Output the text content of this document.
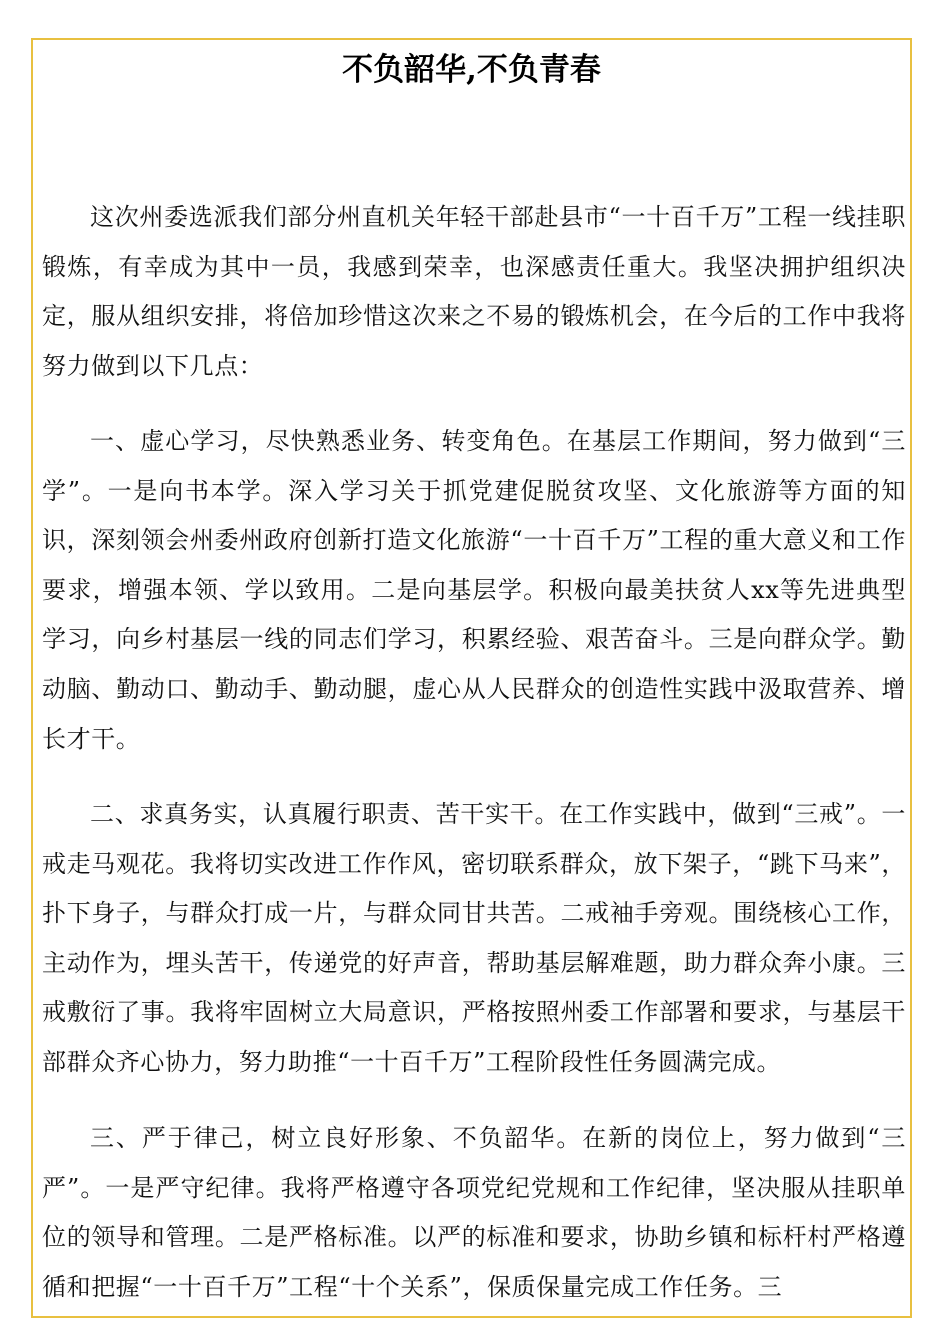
不负韶华,不负青春

这次州委选派我们部分州直机关年轻干部赴县市“一十百千万”工程一线挂职锻炼，有幸成为其中一员，我感到荣幸，也深感责任重大。我坚决拥护组织决定，服从组织安排，将倍加珍惜这次来之不易的锻炼机会，在今后的工作中我将努力做到以下几点：

一、虚心学习，尽快熟悉业务、转变角色。在基层工作期间，努力做到“三学”。一是向书本学。深入学习关于抓党建促脱贫攻坚、文化旅游等方面的知识，深刻领会州委州政府创新打造文化旅游“一十百千万”工程的重大意义和工作要求，增强本领、学以致用。二是向基层学。积极向最美扶贫人xx等先进典型学习，向乡村基层一线的同志们学习，积累经验、艰苦奋斗。三是向群众学。勤动脑、勤动口、勤动手、勤动腿，虚心从人民群众的创造性实践中汲取营养、增长才干。

二、求真务实，认真履行职责、苦干实干。在工作实践中，做到“三戒”。一戒走马观花。我将切实改进工作作风，密切联系群众，放下架子，“跳下马来”，扑下身子，与群众打成一片，与群众同甘共苦。二戒袖手旁观。围绕核心工作，主动作为，埋头苦干，传递党的好声音，帮助基层解难题，助力群众奔小康。三戒敷衍了事。我将牢固树立大局意识，严格按照州委工作部署和要求，与基层干部群众齐心协力，努力助推“一十百千万”工程阶段性任务圆满完成。

三、严于律己，树立良好形象、不负韶华。在新的岗位上，努力做到“三严”。一是严守纪律。我将严格遵守各项党纪党规和工作纪律，坚决服从挂职单位的领导和管理。二是严格标准。以严的标准和要求，协助乡镇和标杆村严格遵循和把握“一十百千万”工程“十个关系”，保质保量完成工作任务。三
